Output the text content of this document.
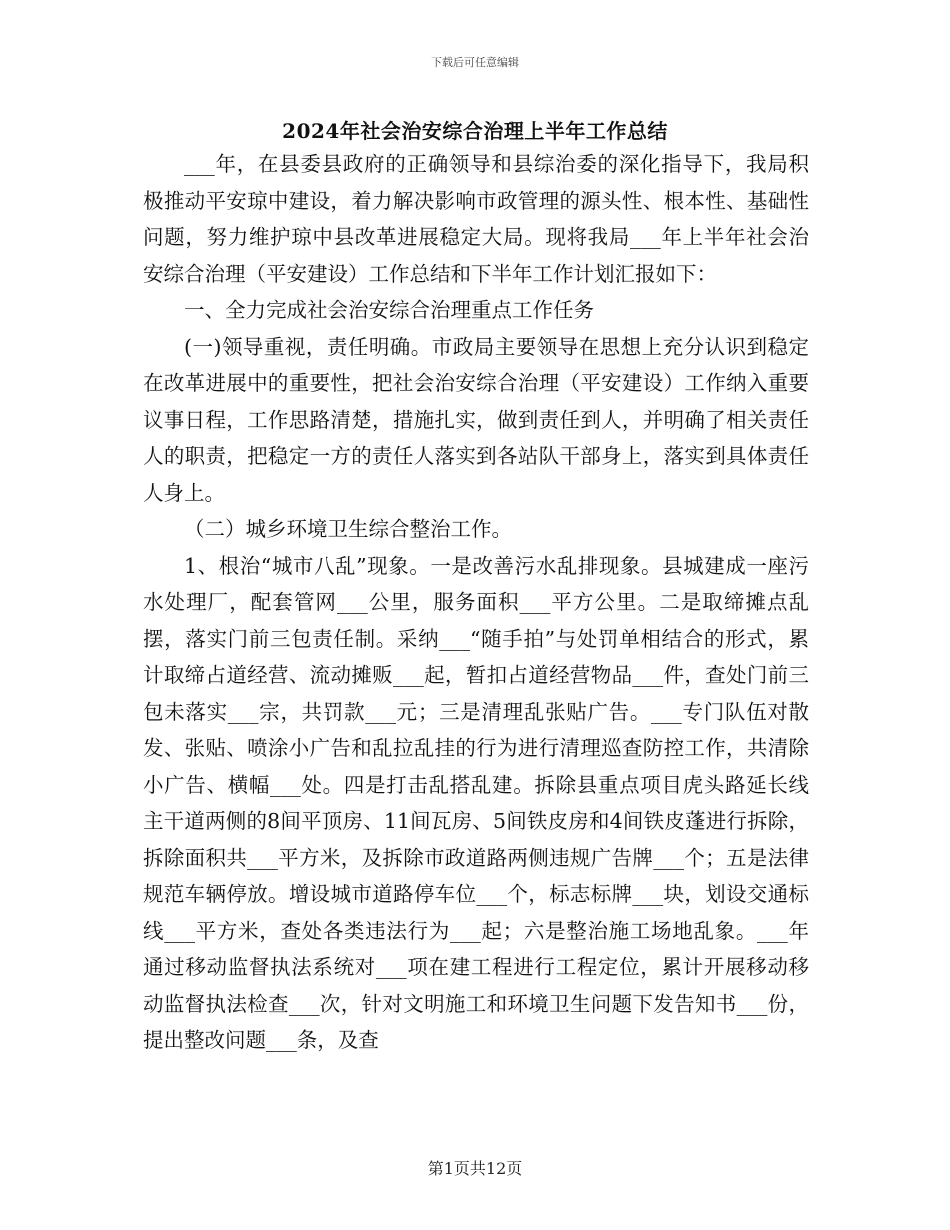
下载后可任意编辑
2024年社会治安综合治理上半年工作总结

___年，在县委县政府的正确领导和县综治委的深化指导下，我局积极推动平安琼中建设，着力解决影响市政管理的源头性、根本性、基础性问题，努力维护琼中县改革进展稳定大局。现将我局___年上半年社会治安综合治理（平安建设）工作总结和下半年工作计划汇报如下：

一、全力完成社会治安综合治理重点工作任务

(一)领导重视，责任明确。市政局主要领导在思想上充分认识到稳定在改革进展中的重要性，把社会治安综合治理（平安建设）工作纳入重要议事日程，工作思路清楚，措施扎实，做到责任到人，并明确了相关责任人的职责，把稳定一方的责任人落实到各站队干部身上，落实到具体责任人身上。

（二）城乡环境卫生综合整治工作。

1、根治“城市八乱”现象。一是改善污水乱排现象。县城建成一座污水处理厂，配套管网___公里，服务面积___平方公里。二是取缔摊点乱摆，落实门前三包责任制。采纳___“随手拍”与处罚单相结合的形式，累计取缔占道经营、流动摊贩___起，暂扣占道经营物品___件，查处门前三包未落实___宗，共罚款___元；三是清理乱张贴广告。___专门队伍对散发、张贴、喷涂小广告和乱拉乱挂的行为进行清理巡查防控工作，共清除小广告、横幅___处。四是打击乱搭乱建。拆除县重点项目虎头路延长线主干道两侧的8间平顶房、11间瓦房、5间铁皮房和4间铁皮蓬进行拆除，拆除面积共___平方米，及拆除市政道路两侧违规广告牌___个；五是法律规范车辆停放。增设城市道路停车位___个，标志标牌___块，划设交通标线___平方米，查处各类违法行为___起；六是整治施工场地乱象。___年通过移动监督执法系统对___项在建工程进行工程定位，累计开展移动移动监督执法检查___次，针对文明施工和环境卫生问题下发告知书___份，提出整改问题___条，及查

第1页共12页
